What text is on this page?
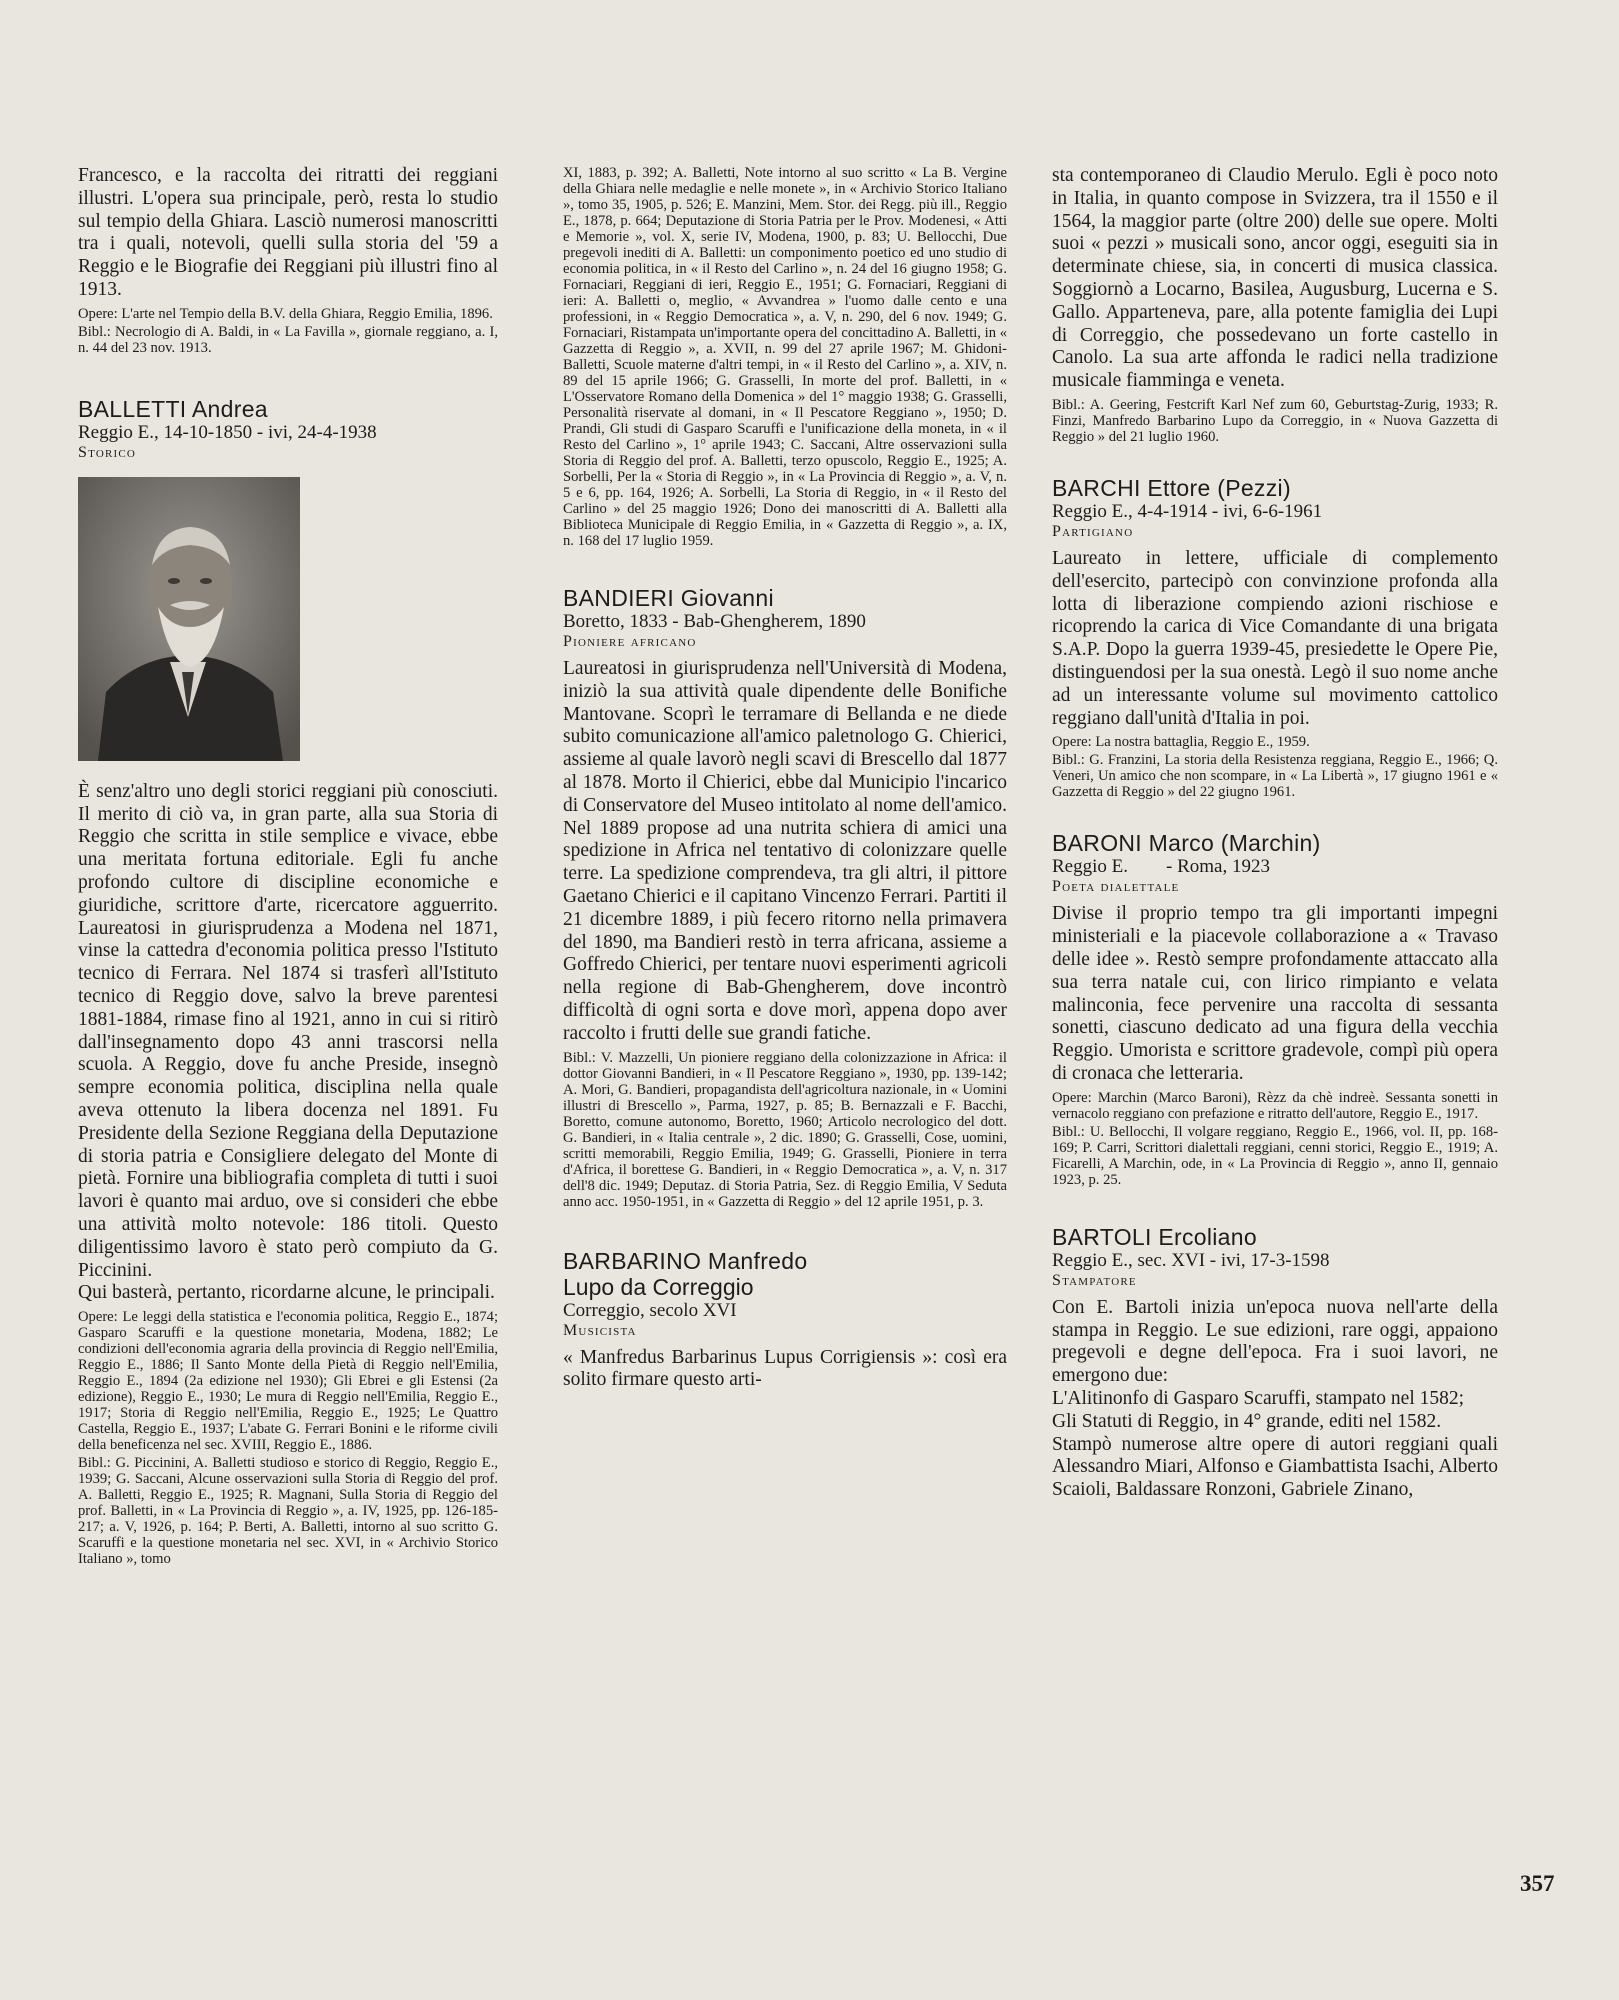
Francesco, e la raccolta dei ritratti dei reggiani illustri. L'opera sua principale, però, resta lo studio sul tempio della Ghiara. Lasciò numerosi manoscritti tra i quali, notevoli, quelli sulla storia del '59 a Reggio e le Biografie dei Reggiani più illustri fino al 1913.

Opere: L'arte nel Tempio della B.V. della Ghiara, Reggio Emilia, 1896.

Bibl.: Necrologio di A. Baldi, in « La Favilla », giornale reggiano, a. I, n. 44 del 23 nov. 1913.

BALLETTI Andrea
Reggio E., 14-10-1850 - ivi, 24-4-1938
Storico

È senz'altro uno degli storici reggiani più conosciuti. Il merito di ciò va, in gran parte, alla sua Storia di Reggio che scritta in stile semplice e vivace, ebbe una meritata fortuna editoriale. Egli fu anche profondo cultore di discipline economiche e giuridiche, scrittore d'arte, ricercatore agguerrito. Laureatosi in giurisprudenza a Modena nel 1871, vinse la cattedra d'economia politica presso l'Istituto tecnico di Ferrara. Nel 1874 si trasferì all'Istituto tecnico di Reggio dove, salvo la breve parentesi 1881-1884, rimase fino al 1921, anno in cui si ritirò dall'insegnamento dopo 43 anni trascorsi nella scuola. A Reggio, dove fu anche Preside, insegnò sempre economia politica, disciplina nella quale aveva ottenuto la libera docenza nel 1891. Fu Presidente della Sezione Reggiana della Deputazione di storia patria e Consigliere delegato del Monte di pietà. Fornire una bibliografia completa di tutti i suoi lavori è quanto mai arduo, ove si consideri che ebbe una attività molto notevole: 186 titoli. Questo diligentissimo lavoro è stato però compiuto da G. Piccinini.

Qui basterà, pertanto, ricordarne alcune, le principali.

Opere: Le leggi della statistica e l'economia politica, Reggio E., 1874; Gasparo Scaruffi e la questione monetaria, Modena, 1882; Le condizioni dell'economia agraria della provincia di Reggio nell'Emilia, Reggio E., 1886; Il Santo Monte della Pietà di Reggio nell'Emilia, Reggio E., 1894 (2a edizione nel 1930); Gli Ebrei e gli Estensi (2a edizione), Reggio E., 1930; Le mura di Reggio nell'Emilia, Reggio E., 1917; Storia di Reggio nell'Emilia, Reggio E., 1925; Le Quattro Castella, Reggio E., 1937; L'abate G. Ferrari Bonini e le riforme civili della beneficenza nel sec. XVIII, Reggio E., 1886.

Bibl.: G. Piccinini, A. Balletti studioso e storico di Reggio, Reggio E., 1939; G. Saccani, Alcune osservazioni sulla Storia di Reggio del prof. A. Balletti, Reggio E., 1925; R. Magnani, Sulla Storia di Reggio del prof. Balletti, in « La Provincia di Reggio », a. IV, 1925, pp. 126-185-217; a. V, 1926, p. 164; P. Berti, A. Balletti, intorno al suo scritto G. Scaruffi e la questione monetaria nel sec. XVI, in « Archivio Storico Italiano », tomo

XI, 1883, p. 392; A. Balletti, Note intorno al suo scritto « La B. Vergine della Ghiara nelle medaglie e nelle monete », in « Archivio Storico Italiano », tomo 35, 1905, p. 526; E. Manzini, Mem. Stor. dei Regg. più ill., Reggio E., 1878, p. 664; Deputazione di Storia Patria per le Prov. Modenesi, « Atti e Memorie », vol. X, serie IV, Modena, 1900, p. 83; U. Bellocchi, Due pregevoli inediti di A. Balletti: un componimento poetico ed uno studio di economia politica, in « il Resto del Carlino », n. 24 del 16 giugno 1958; G. Fornaciari, Reggiani di ieri, Reggio E., 1951; G. Fornaciari, Reggiani di ieri: A. Balletti o, meglio, « Avvandrea » l'uomo dalle cento e una professioni, in « Reggio Democratica », a. V, n. 290, del 6 nov. 1949; G. Fornaciari, Ristampata un'importante opera del concittadino A. Balletti, in « Gazzetta di Reggio », a. XVII, n. 99 del 27 aprile 1967; M. Ghidoni-Balletti, Scuole materne d'altri tempi, in « il Resto del Carlino », a. XIV, n. 89 del 15 aprile 1966; G. Grasselli, In morte del prof. Balletti, in « L'Osservatore Romano della Domenica » del 1° maggio 1938; G. Grasselli, Personalità riservate al domani, in « Il Pescatore Reggiano », 1950; D. Prandi, Gli studi di Gasparo Scaruffi e l'unificazione della moneta, in « il Resto del Carlino », 1° aprile 1943; C. Saccani, Altre osservazioni sulla Storia di Reggio del prof. A. Balletti, terzo opuscolo, Reggio E., 1925; A. Sorbelli, Per la « Storia di Reggio », in « La Provincia di Reggio », a. V, n. 5 e 6, pp. 164, 1926; A. Sorbelli, La Storia di Reggio, in « il Resto del Carlino » del 25 maggio 1926; Dono dei manoscritti di A. Balletti alla Biblioteca Municipale di Reggio Emilia, in « Gazzetta di Reggio », a. IX, n. 168 del 17 luglio 1959.

BANDIERI Giovanni
Boretto, 1833 - Bab-Ghengherem, 1890
Pioniere africano

Laureatosi in giurisprudenza nell'Università di Modena, iniziò la sua attività quale dipendente delle Bonifiche Mantovane. Scoprì le terramare di Bellanda e ne diede subito comunicazione all'amico paletnologo G. Chierici, assieme al quale lavorò negli scavi di Brescello dal 1877 al 1878. Morto il Chierici, ebbe dal Municipio l'incarico di Conservatore del Museo intitolato al nome dell'amico. Nel 1889 propose ad una nutrita schiera di amici una spedizione in Africa nel tentativo di colonizzare quelle terre. La spedizione comprendeva, tra gli altri, il pittore Gaetano Chierici e il capitano Vincenzo Ferrari. Partiti il 21 dicembre 1889, i più fecero ritorno nella primavera del 1890, ma Bandieri restò in terra africana, assieme a Goffredo Chierici, per tentare nuovi esperimenti agricoli nella regione di Bab-Ghengherem, dove incontrò difficoltà di ogni sorta e dove morì, appena dopo aver raccolto i frutti delle sue grandi fatiche.

Bibl.: V. Mazzelli, Un pioniere reggiano della colonizzazione in Africa: il dottor Giovanni Bandieri, in « Il Pescatore Reggiano », 1930, pp. 139-142; A. Mori, G. Bandieri, propagandista dell'agricoltura nazionale, in « Uomini illustri di Brescello », Parma, 1927, p. 85; B. Bernazzali e F. Bacchi, Boretto, comune autonomo, Boretto, 1960; Articolo necrologico del dott. G. Bandieri, in « Italia centrale », 2 dic. 1890; G. Grasselli, Cose, uomini, scritti memorabili, Reggio Emilia, 1949; G. Grasselli, Pioniere in terra d'Africa, il borettese G. Bandieri, in « Reggio Democratica », a. V, n. 317 dell'8 dic. 1949; Deputaz. di Storia Patria, Sez. di Reggio Emilia, V Seduta anno acc. 1950-1951, in « Gazzetta di Reggio » del 12 aprile 1951, p. 3.

BARBARINO Manfredo
Lupo da Correggio
Correggio, secolo XVI
Musicista

« Manfredus Barbarinus Lupus Corrigiensis »: così era solito firmare questo arti-

sta contemporaneo di Claudio Merulo. Egli è poco noto in Italia, in quanto compose in Svizzera, tra il 1550 e il 1564, la maggior parte (oltre 200) delle sue opere. Molti suoi « pezzi » musicali sono, ancor oggi, eseguiti sia in determinate chiese, sia, in concerti di musica classica. Soggiornò a Locarno, Basilea, Augusburg, Lucerna e S. Gallo. Apparteneva, pare, alla potente famiglia dei Lupi di Correggio, che possedevano un forte castello in Canolo. La sua arte affonda le radici nella tradizione musicale fiamminga e veneta.

Bibl.: A. Geering, Festcrift Karl Nef zum 60, Geburtstag-Zurig, 1933; R. Finzi, Manfredo Barbarino Lupo da Correggio, in « Nuova Gazzetta di Reggio » del 21 luglio 1960.

BARCHI Ettore (Pezzi)
Reggio E., 4-4-1914 - ivi, 6-6-1961
Partigiano

Laureato in lettere, ufficiale di complemento dell'esercito, partecipò con convinzione profonda alla lotta di liberazione compiendo azioni rischiose e ricoprendo la carica di Vice Comandante di una brigata S.A.P. Dopo la guerra 1939-45, presiedette le Opere Pie, distinguendosi per la sua onestà. Legò il suo nome anche ad un interessante volume sul movimento cattolico reggiano dall'unità d'Italia in poi.

Opere: La nostra battaglia, Reggio E., 1959.

Bibl.: G. Franzini, La storia della Resistenza reggiana, Reggio E., 1966; Q. Veneri, Un amico che non scompare, in « La Libertà », 17 giugno 1961 e « Gazzetta di Reggio » del 22 giugno 1961.

BARONI Marco (Marchin)
Reggio E.        - Roma, 1923
Poeta dialettale

Divise il proprio tempo tra gli importanti impegni ministeriali e la piacevole collaborazione a « Travaso delle idee ». Restò sempre profondamente attaccato alla sua terra natale cui, con lirico rimpianto e velata malinconia, fece pervenire una raccolta di sessanta sonetti, ciascuno dedicato ad una figura della vecchia Reggio. Umorista e scrittore gradevole, compì più opera di cronaca che letteraria.

Opere: Marchin (Marco Baroni), Rèzz da chè indreè. Sessanta sonetti in vernacolo reggiano con prefazione e ritratto dell'autore, Reggio E., 1917.

Bibl.: U. Bellocchi, Il volgare reggiano, Reggio E., 1966, vol. II, pp. 168-169; P. Carri, Scrittori dialettali reggiani, cenni storici, Reggio E., 1919; A. Ficarelli, A Marchin, ode, in « La Provincia di Reggio », anno II, gennaio 1923, p. 25.

BARTOLI Ercoliano
Reggio E., sec. XVI - ivi, 17-3-1598
Stampatore

Con E. Bartoli inizia un'epoca nuova nell'arte della stampa in Reggio. Le sue edizioni, rare oggi, appaiono pregevoli e degne dell'epoca. Fra i suoi lavori, ne emergono due:

L'Alitinonfo di Gasparo Scaruffi, stampato nel 1582;

Gli Statuti di Reggio, in 4° grande, editi nel 1582.

Stampò numerose altre opere di autori reggiani quali Alessandro Miari, Alfonso e Giambattista Isachi, Alberto Scaioli, Baldassare Ronzoni, Gabriele Zinano,

357
